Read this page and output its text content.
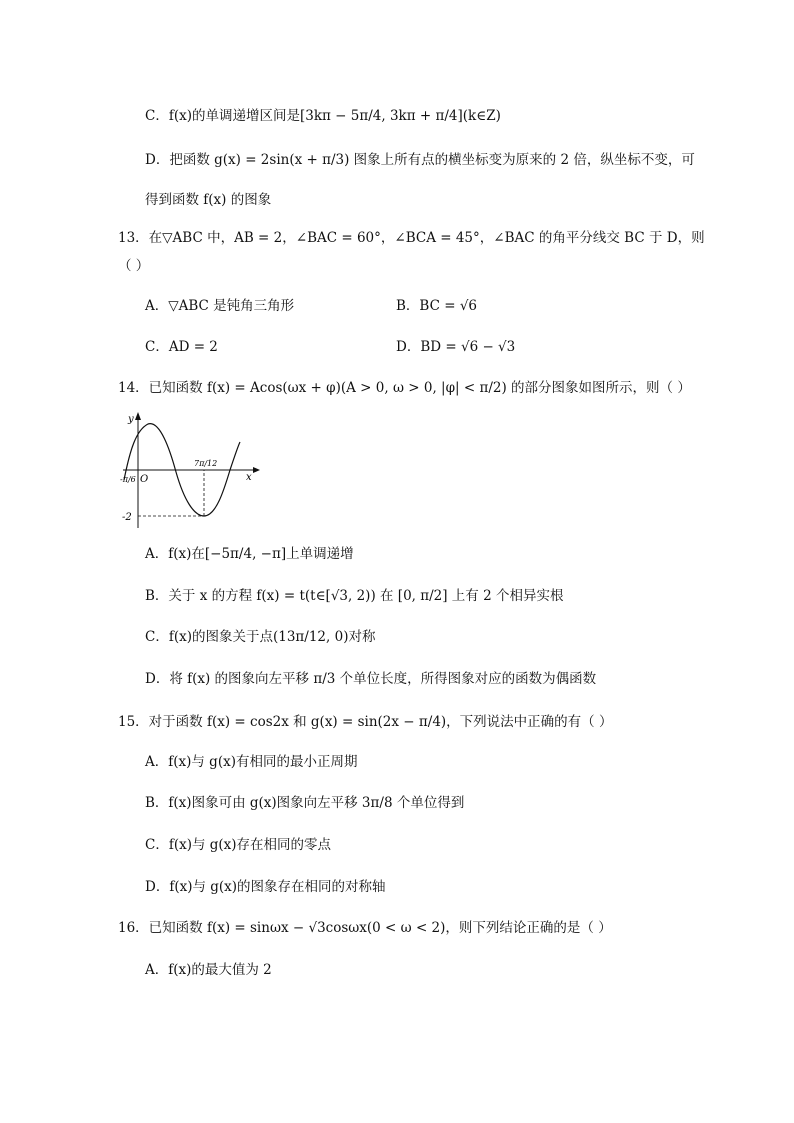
C．f(x)的单调递增区间是[3kπ − 5π/4, 3kπ + π/4](k∈Z)
D．把函数 g(x) = 2sin(x + π/3) 图象上所有点的横坐标变为原来的 2 倍，纵坐标不变，可
得到函数 f(x) 的图象
13．在▽ABC 中，AB = 2，∠BAC = 60°，∠BCA = 45°，∠BAC 的角平分线交 BC 于 D，则
（ ）
A．▽ABC 是钝角三角形	B．BC = √6
C．AD = 2	D．BD = √6 − √3
14．已知函数 f(x) = Acos(ωx + φ)(A > 0, ω > 0, |φ| < π/2) 的部分图象如图所示，则（ ）
y
x
O
-π/6
7π/12
-2
A．f(x)在[−5π/4, −π]上单调递增
B．关于 x 的方程 f(x) = t(t∈[√3, 2)) 在 [0, π/2] 上有 2 个相异实根
C．f(x)的图象关于点(13π/12, 0)对称
D．将 f(x) 的图象向左平移 π/3 个单位长度，所得图象对应的函数为偶函数
15．对于函数 f(x) = cos2x 和 g(x) = sin(2x − π/4)，下列说法中正确的有（ ）
A．f(x)与 g(x)有相同的最小正周期
B．f(x)图象可由 g(x)图象向左平移 3π/8 个单位得到
C．f(x)与 g(x)存在相同的零点
D．f(x)与 g(x)的图象存在相同的对称轴
16．已知函数 f(x) = sinωx − √3cosωx(0 < ω < 2)，则下列结论正确的是（ ）
A．f(x)的最大值为 2
